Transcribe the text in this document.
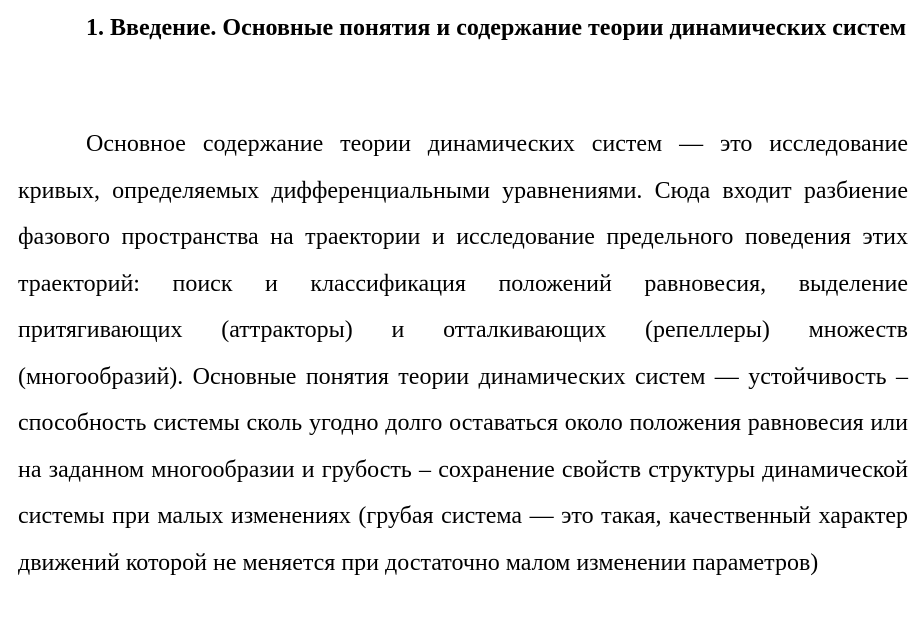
1. Введение. Основные понятия и содержание теории динамических систем

Основное содержание теории динамических систем — это исследование кривых, определяемых дифференциальными уравнениями. Сюда входит разбиение фазового пространства на траектории и исследование предельного поведения этих траекторий: поиск и классификация положений равновесия, выделение притягивающих (аттракторы) и отталкивающих (репеллеры) множеств (многообразий). Основные понятия теории динамических систем — устойчивость – способность системы сколь угодно долго оставаться около положения равновесия или на заданном многообразии и грубость – сохранение свойств структуры динамической системы при малых изменениях (грубая система — это такая, качественный характер движений которой не меняется при достаточно малом изменении параметров)
